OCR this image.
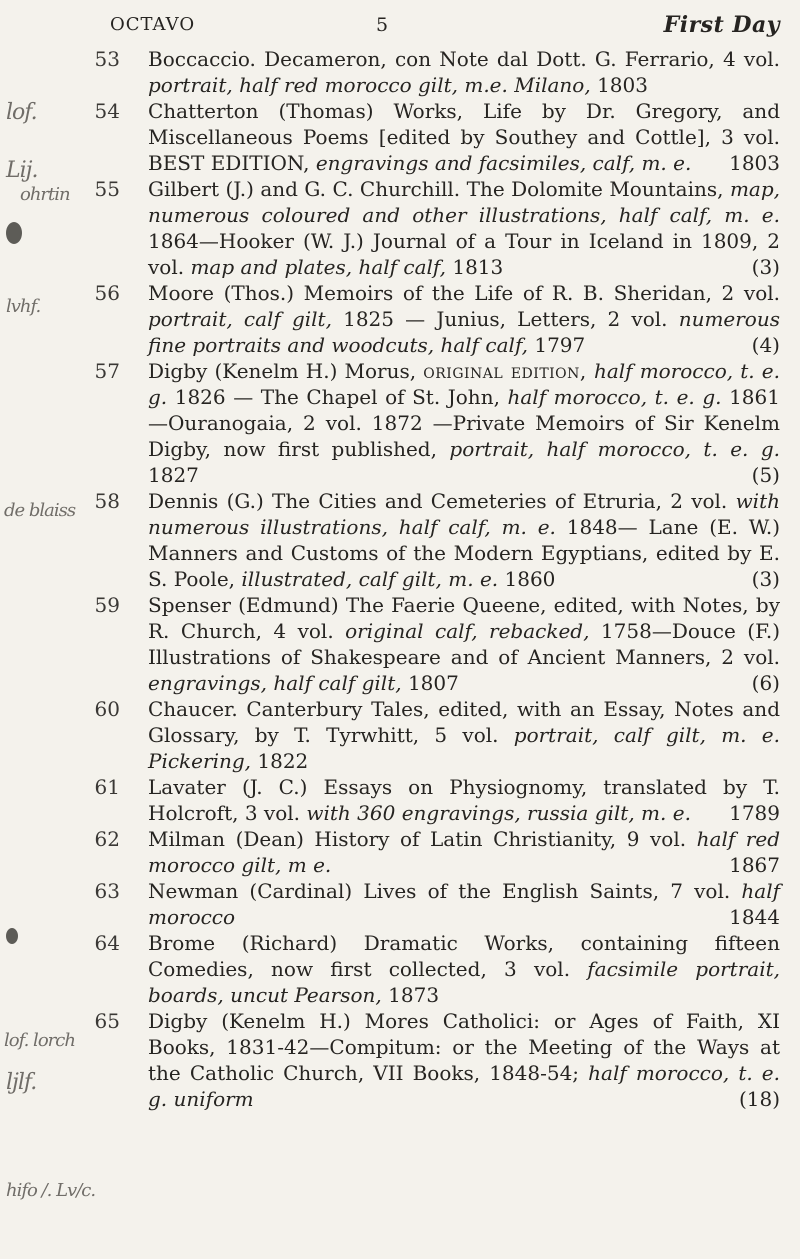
OCTAVO	5	First Day
lof.
Lij.
ohrtin
lvhf.
de blaiss
lof. lorch
ljlf.
hifo /. Lv/c.
53 Boccaccio. Decameron, con Note dal Dott. G. Ferrario, 4 vol. portrait, half red morocco gilt, m.e. Milano, 1803
54 Chatterton (Thomas) Works, Life by Dr. Gregory, and Miscellaneous Poems [edited by Southey and Cottle], 3 vol. BEST EDITION, engravings and facsimiles, calf, m. e. 1803
55 Gilbert (J.) and G. C. Churchill. The Dolomite Mountains, map, numerous coloured and other illustrations, half calf, m. e. 1864—Hooker (W. J.) Journal of a Tour in Iceland in 1809, 2 vol. map and plates, half calf, 1813	(3)
56 Moore (Thos.) Memoirs of the Life of R. B. Sheridan, 2 vol. portrait, calf gilt, 1825 — Junius, Letters, 2 vol. numerous fine portraits and woodcuts, half calf, 1797	(4)
57 Digby (Kenelm H.) Morus, original edition, half morocco, t. e. g. 1826 — The Chapel of St. John, half morocco, t. e. g. 1861—Ouranogaia, 2 vol. 1872 —Private Memoirs of Sir Kenelm Digby, now first published, portrait, half morocco, t. e. g. 1827	(5)
58 Dennis (G.) The Cities and Cemeteries of Etruria, 2 vol. with numerous illustrations, half calf, m. e. 1848— Lane (E. W.) Manners and Customs of the Modern Egyptians, edited by E. S. Poole, illustrated, calf gilt, m. e. 1860	(3)
59 Spenser (Edmund) The Faerie Queene, edited, with Notes, by R. Church, 4 vol. original calf, rebacked, 1758—Douce (F.) Illustrations of Shakespeare and of Ancient Manners, 2 vol. engravings, half calf gilt, 1807	(6)
60 Chaucer. Canterbury Tales, edited, with an Essay, Notes and Glossary, by T. Tyrwhitt, 5 vol. portrait, calf gilt, m. e. Pickering, 1822
61 Lavater (J. C.) Essays on Physiognomy, translated by T. Holcroft, 3 vol. with 360 engravings, russia gilt, m. e. 1789
62 Milman (Dean) History of Latin Christianity, 9 vol. half red morocco gilt, m e.	1867
63 Newman (Cardinal) Lives of the English Saints, 7 vol. half morocco	1844
64 Brome (Richard) Dramatic Works, containing fifteen Comedies, now first collected, 3 vol. facsimile portrait, boards, uncut Pearson, 1873
65 Digby (Kenelm H.) Mores Catholici: or Ages of Faith, XI Books, 1831-42—Compitum: or the Meeting of the Ways at the Catholic Church, VII Books, 1848-54; half morocco, t. e. g. uniform	(18)
